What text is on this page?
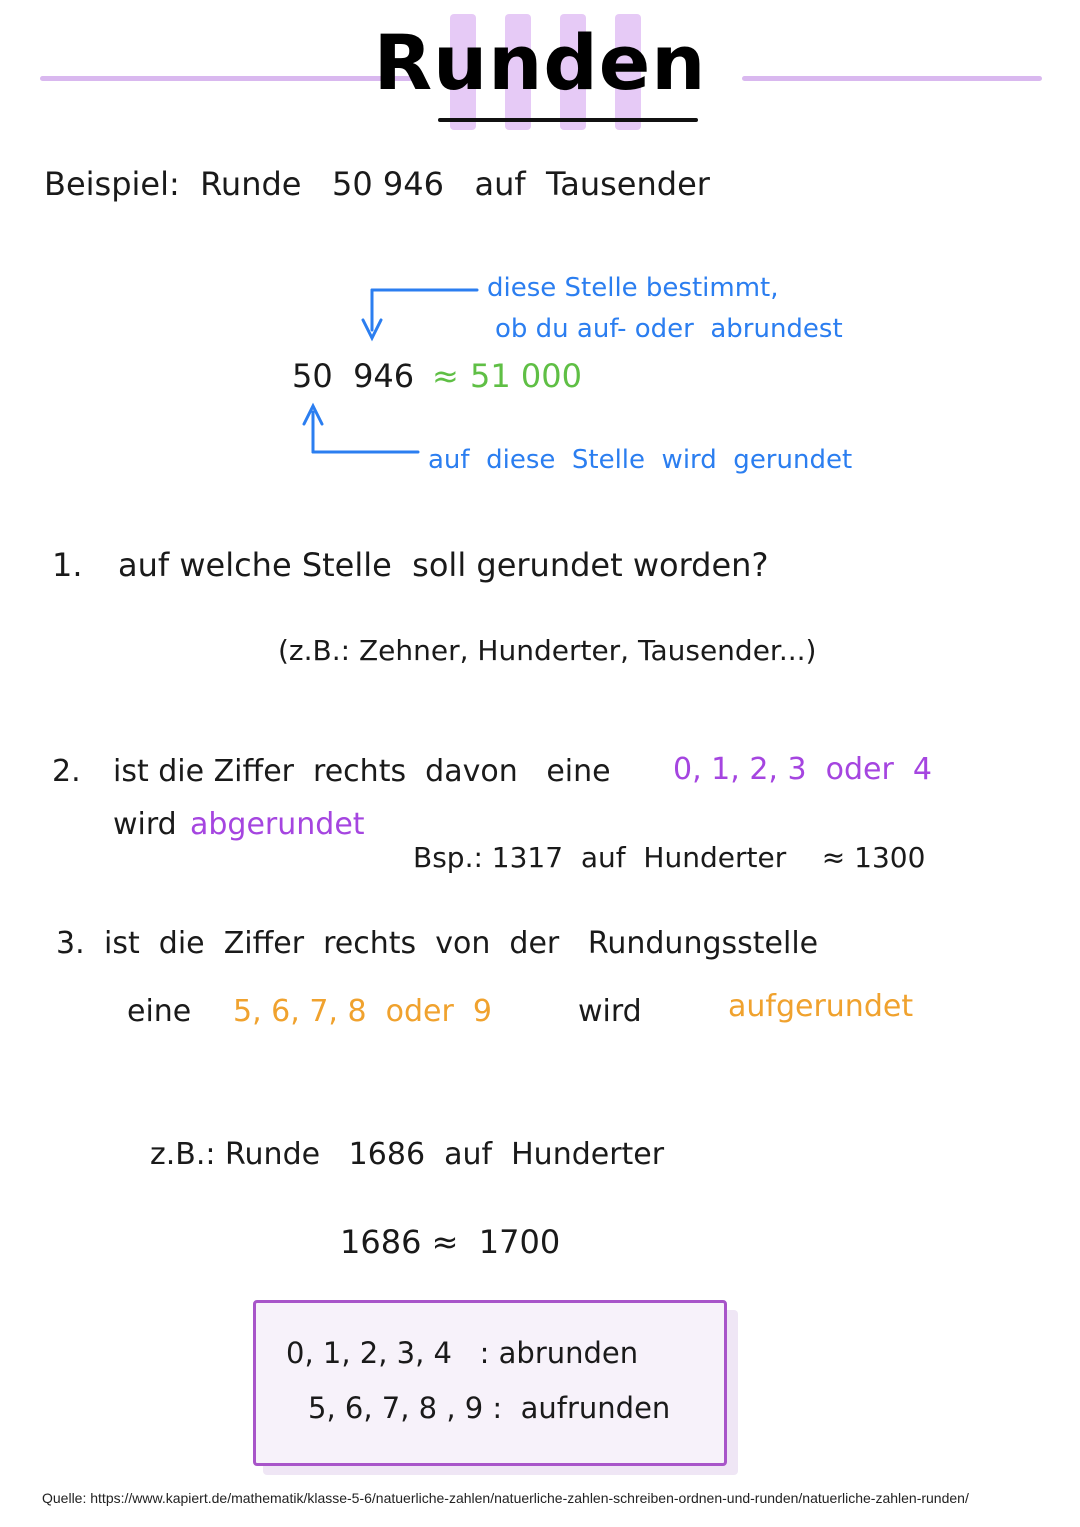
Runden
Beispiel:  Runde   50 946   auf  Tausender
diese Stelle bestimmt,
ob du auf- oder  abrundest
50  946 ≈ 51 000
auf  diese  Stelle  wird  gerundet
1. auf welche Stelle  soll gerundet worden?
(z.B.: Zehner, Hunderter, Tausender...)
2. ist die Ziffer  rechts  davon   eine 0, 1, 2, 3  oder  4
wird abgerundet
Bsp.: 1317  auf  Hunderter    ≈ 1300
3. ist  die  Ziffer  rechts  von  der   Rundungsstelle
eine 5, 6, 7, 8  oder  9	wird	aufgerundet
z.B.: Runde   1686  auf  Hunderter
1686 ≈  1700
0, 1, 2, 3, 4   : abrunden
5, 6, 7, 8 , 9 :  aufrunden
Quelle: https://www.kapiert.de/mathematik/klasse-5-6/natuerliche-zahlen/natuerliche-zahlen-schreiben-ordnen-und-runden/natuerliche-zahlen-runden/
